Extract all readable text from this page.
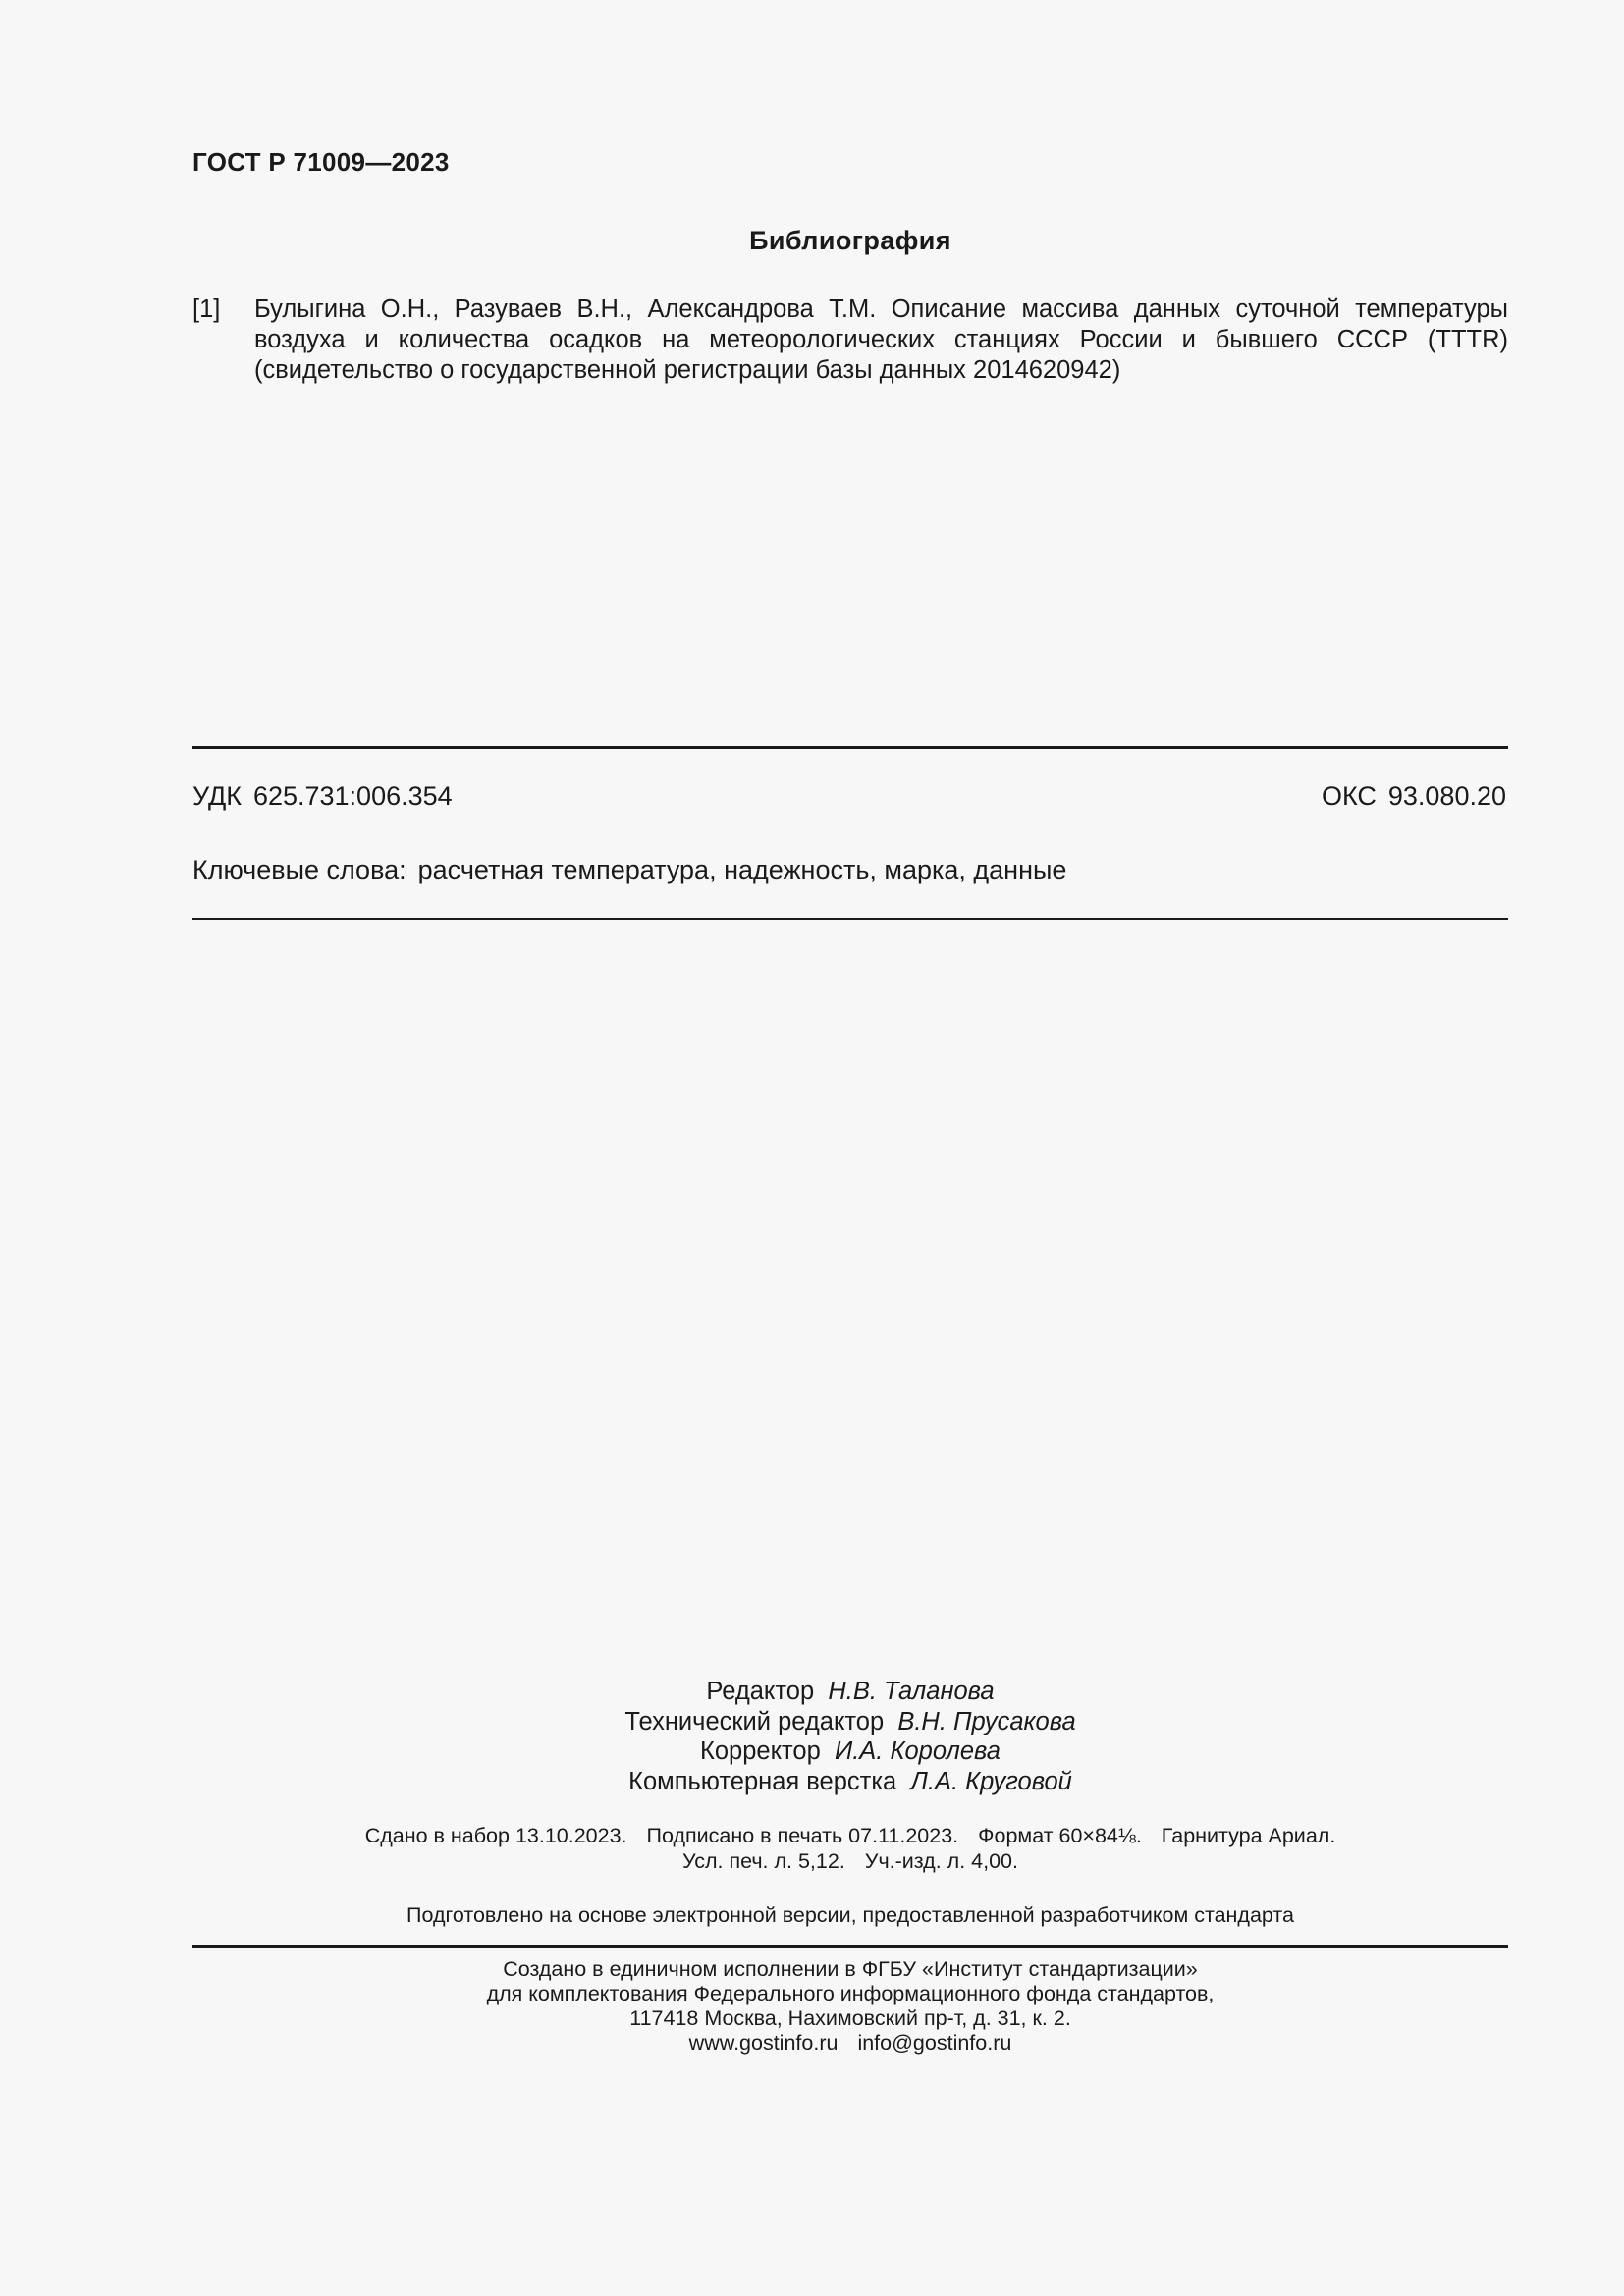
ГОСТ Р 71009—2023
Библиография
[1] Булыгина О.Н., Разуваев В.Н., Александрова Т.М. Описание массива данных суточной температуры воздуха и количества осадков на метеорологических станциях России и бывшего СССР (TTTR) (свидетельство о государственной регистрации базы данных 2014620942)
УДК 625.731:006.354	ОКС 93.080.20
Ключевые слова: расчетная температура, надежность, марка, данные
Редактор Н.В. Таланова
Технический редактор В.Н. Прусакова
Корректор И.А. Королева
Компьютерная верстка Л.А. Круговой
Сдано в набор 13.10.2023. Подписано в печать 07.11.2023. Формат 60×84⅛. Гарнитура Ариал.
Усл. печ. л. 5,12. Уч.-изд. л. 4,00.
Подготовлено на основе электронной версии, предоставленной разработчиком стандарта
Создано в единичном исполнении в ФГБУ «Институт стандартизации»
для комплектования Федерального информационного фонда стандартов,
117418 Москва, Нахимовский пр-т, д. 31, к. 2.
www.gostinfo.ru info@gostinfo.ru
